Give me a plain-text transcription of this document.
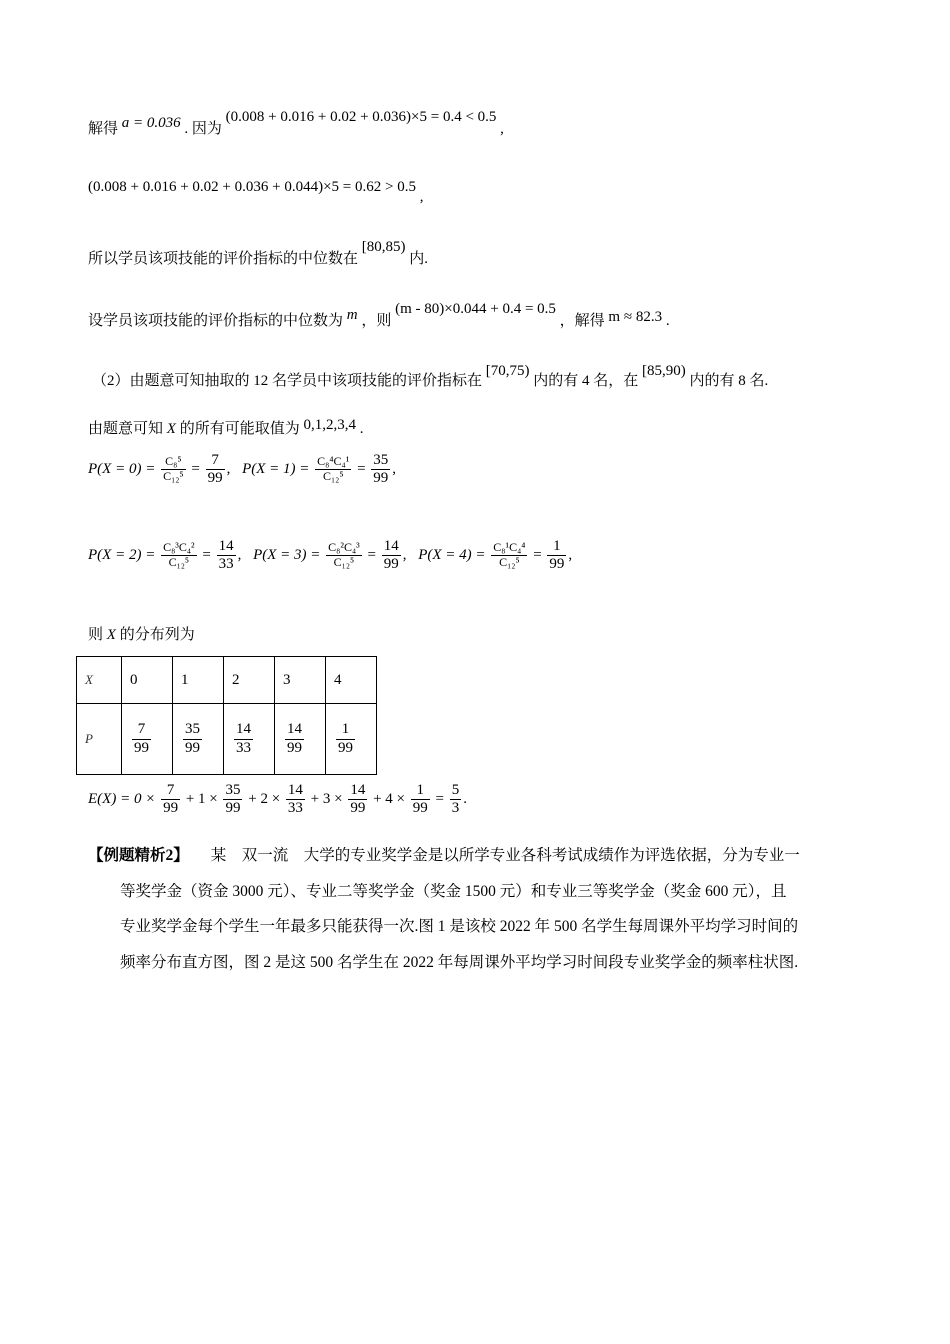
解得 a = 0.036 . 因为 (0.008 + 0.016 + 0.02 + 0.036)×5 = 0.4 < 0.5 ,
(0.008 + 0.016 + 0.02 + 0.036 + 0.044)×5 = 0.62 > 0.5 ,
所以学员该项技能的评价指标的中位数在 [80,85) 内.
设学员该项技能的评价指标的中位数为 m ，则 (m - 80)×0.044 + 0.4 = 0.5 ，解得 m ≈ 82.3 .
（2）由题意可知抽取的 12 名学员中该项技能的评价指标在 [70,75) 内的有 4 名，在 [85,90) 内的有 8 名.
由题意可知 X 的所有可能取值为 0,1,2,3,4 .
$P(X = 0) = \frac{\text{C₈⁵}}{\text{C₁₂⁵}} = \frac{7}{99}$ , $P(X = 1) = \frac{\text{C₈⁴C₄¹}}{\text{C₁₂⁵}} = \frac{35}{99}$ ,
$P(X = 2) = \frac{\text{C₈³C₄²}}{\text{C₁₂⁵}} = \frac{14}{33}$ , $P(X = 3) = \frac{\text{C₈²C₄³}}{\text{C₁₂⁵}} = \frac{14}{99}$ , $P(X = 4) = \frac{\text{C₈¹C₄⁴}}{\text{C₁₂⁵}} = \frac{1}{99}$ ,
则 X 的分布列为
X	0	1	2	3	4
P	$\frac{7}{99}$	$\frac{35}{99}$	$\frac{14}{33}$	$\frac{14}{99}$	$\frac{1}{99}$
$E(X) = 0 \times \frac{7}{99} + 1 \times \frac{35}{99} + 2 \times \frac{14}{33} + 3 \times \frac{14}{99} + 4 \times \frac{1}{99} = \frac{5}{3}$ .
【例题精析2】 某　双一流　大学的专业奖学金是以所学专业各科考试成绩作为评选依据，分为专业一
等奖学金（资金 3000 元）、专业二等奖学金（奖金 1500 元）和专业三等奖学金（奖金 600 元），且
专业奖学金每个学生一年最多只能获得一次.图 1 是该校 2022 年 500 名学生每周课外平均学习时间的
频率分布直方图，图 2 是这 500 名学生在 2022 年每周课外平均学习时间段专业奖学金的频率柱状图.
